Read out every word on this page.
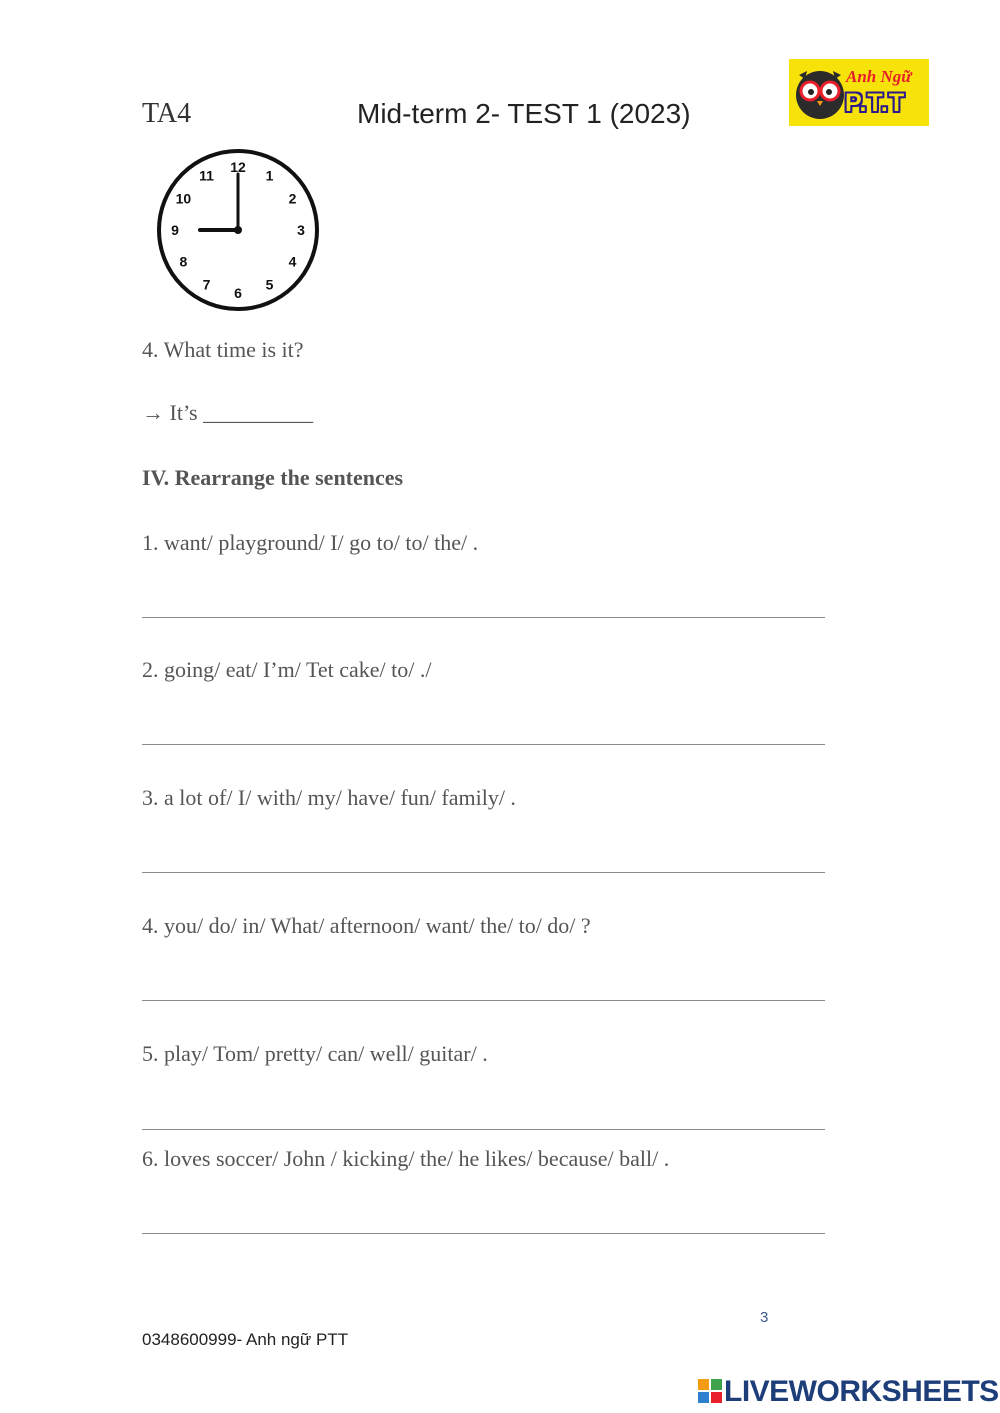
TA4	Mid-term 2- TEST 1 (2023)
Anh Ngữ
P.T.T
12
1
2
3
4
5
6
7
8
9
10
11
4. What time is it?
→ It’s __________
IV. Rearrange the sentences
1. want/ playground/ I/ go to/ to/ the/ .
2. going/ eat/ I’m/ Tet cake/ to/ ./
3. a lot of/ I/ with/ my/ have/ fun/ family/ .
4. you/ do/ in/ What/ afternoon/ want/ the/ to/ do/ ?
5. play/ Tom/ pretty/ can/ well/ guitar/ .
6. loves soccer/ John / kicking/ the/ he likes/ because/ ball/ .
3
0348600999- Anh ngữ PTT
LIVEWORKSHEETS
